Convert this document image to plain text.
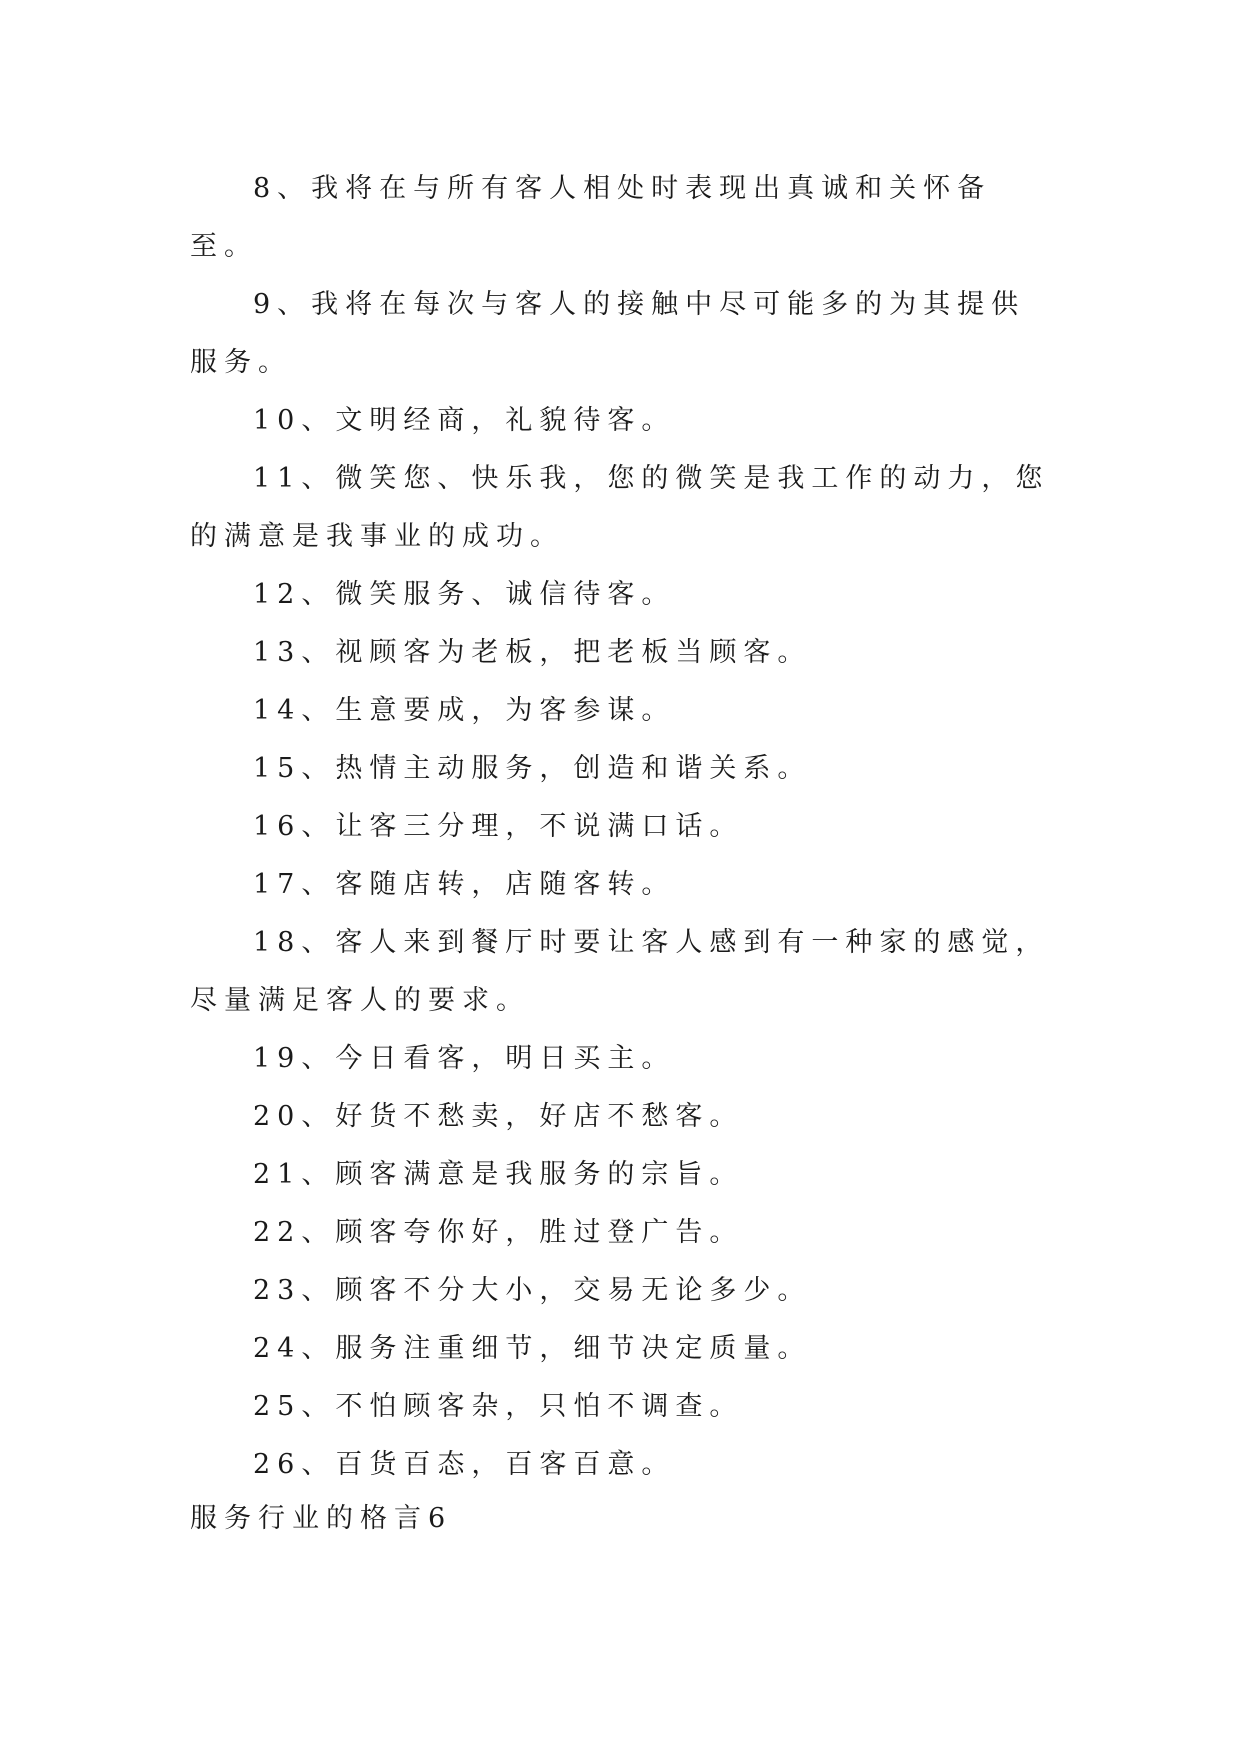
8、我将在与所有客人相处时表现出真诚和关怀备至。

9、我将在每次与客人的接触中尽可能多的为其提供服务。

10、文明经商，礼貌待客。

11、微笑您、快乐我，您的微笑是我工作的动力，您的满意是我事业的成功。

12、微笑服务、诚信待客。

13、视顾客为老板，把老板当顾客。

14、生意要成，为客参谋。

15、热情主动服务，创造和谐关系。

16、让客三分理，不说满口话。

17、客随店转，店随客转。

18、客人来到餐厅时要让客人感到有一种家的感觉，尽量满足客人的要求。

19、今日看客，明日买主。

20、好货不愁卖，好店不愁客。

21、顾客满意是我服务的宗旨。

22、顾客夸你好，胜过登广告。

23、顾客不分大小，交易无论多少。

24、服务注重细节，细节决定质量。

25、不怕顾客杂，只怕不调查。

26、百货百态，百客百意。

服务行业的格言6
